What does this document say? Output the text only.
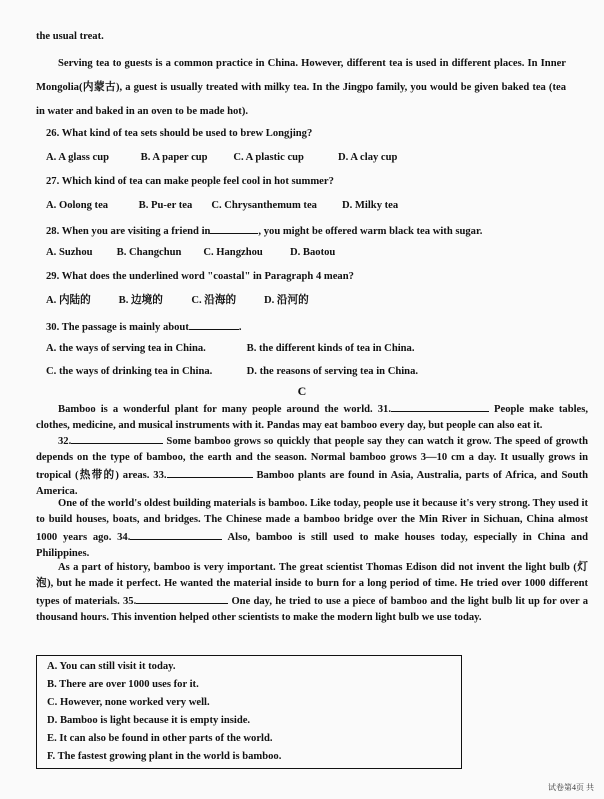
the usual treat.
Serving tea to guests is a common practice in China. However, different tea is used in different places. In Inner Mongolia(内蒙古), a guest is usually treated with milky tea. In the Jingpo family, you would be given baked tea (tea in water and baked in an oven to be made hot).
26. What kind of tea sets should be used to brew Longjing?
A. A glass cup	B. A paper cup C. A plastic cup	D. A clay cup
27. Which kind of tea can make people feel cool in hot summer?
A. Oolong tea	B. Pu-er tea C. Chrysanthemum tea D. Milky tea
28. When you are visiting a friend in	, you might be offered warm black tea with sugar.
A. Suzhou B. Changchun C. Hangzhou	D. Baotou
29. What does the underlined word "coastal" in Paragraph 4 mean?
A. 内陆的	B. 边境的	C. 沿海的	D. 沿河的
30. The passage is mainly about	.
A. the ways of serving tea in China.	B. the different kinds of tea in China.
C. the ways of drinking tea in China.	D. the reasons of serving tea in China.
C
Bamboo is a wonderful plant for many people around the world. 31.	People make tables, clothes, medicine, and musical instruments with it. Pandas may eat bamboo every day, but people can also eat it.
32.	Some bamboo grows so quickly that people say they can watch it grow. The speed of growth depends on the type of bamboo, the earth and the season. Normal bamboo grows 3—10 cm a day. It usually grows in tropical (热带的) areas. 33.	Bamboo plants are found in Asia, Australia, parts of Africa, and South America.
One of the world's oldest building materials is bamboo. Like today, people use it because it's very strong. They used it to build houses, boats, and bridges. The Chinese made a bamboo bridge over the Min River in Sichuan, China almost 1000 years ago. 34.	Also, bamboo is still used to make houses today, especially in China and Philippines.
As a part of history, bamboo is very important. The great scientist Thomas Edison did not invent the light bulb (灯泡), but he made it perfect. He wanted the material inside to burn for a long period of time. He tried over 1000 different types of materials. 35.	One day, he tried to use a piece of bamboo and the light bulb lit up for over a thousand hours. This invention helped other scientists to make the modern light bulb we use today.
A. You can still visit it today.
B. There are over 1000 uses for it.
C. However, none worked very well.
D. Bamboo is light because it is empty inside.
E. It can also be found in other parts of the world.
F. The fastest growing plant in the world is bamboo.
试卷第4页 共
